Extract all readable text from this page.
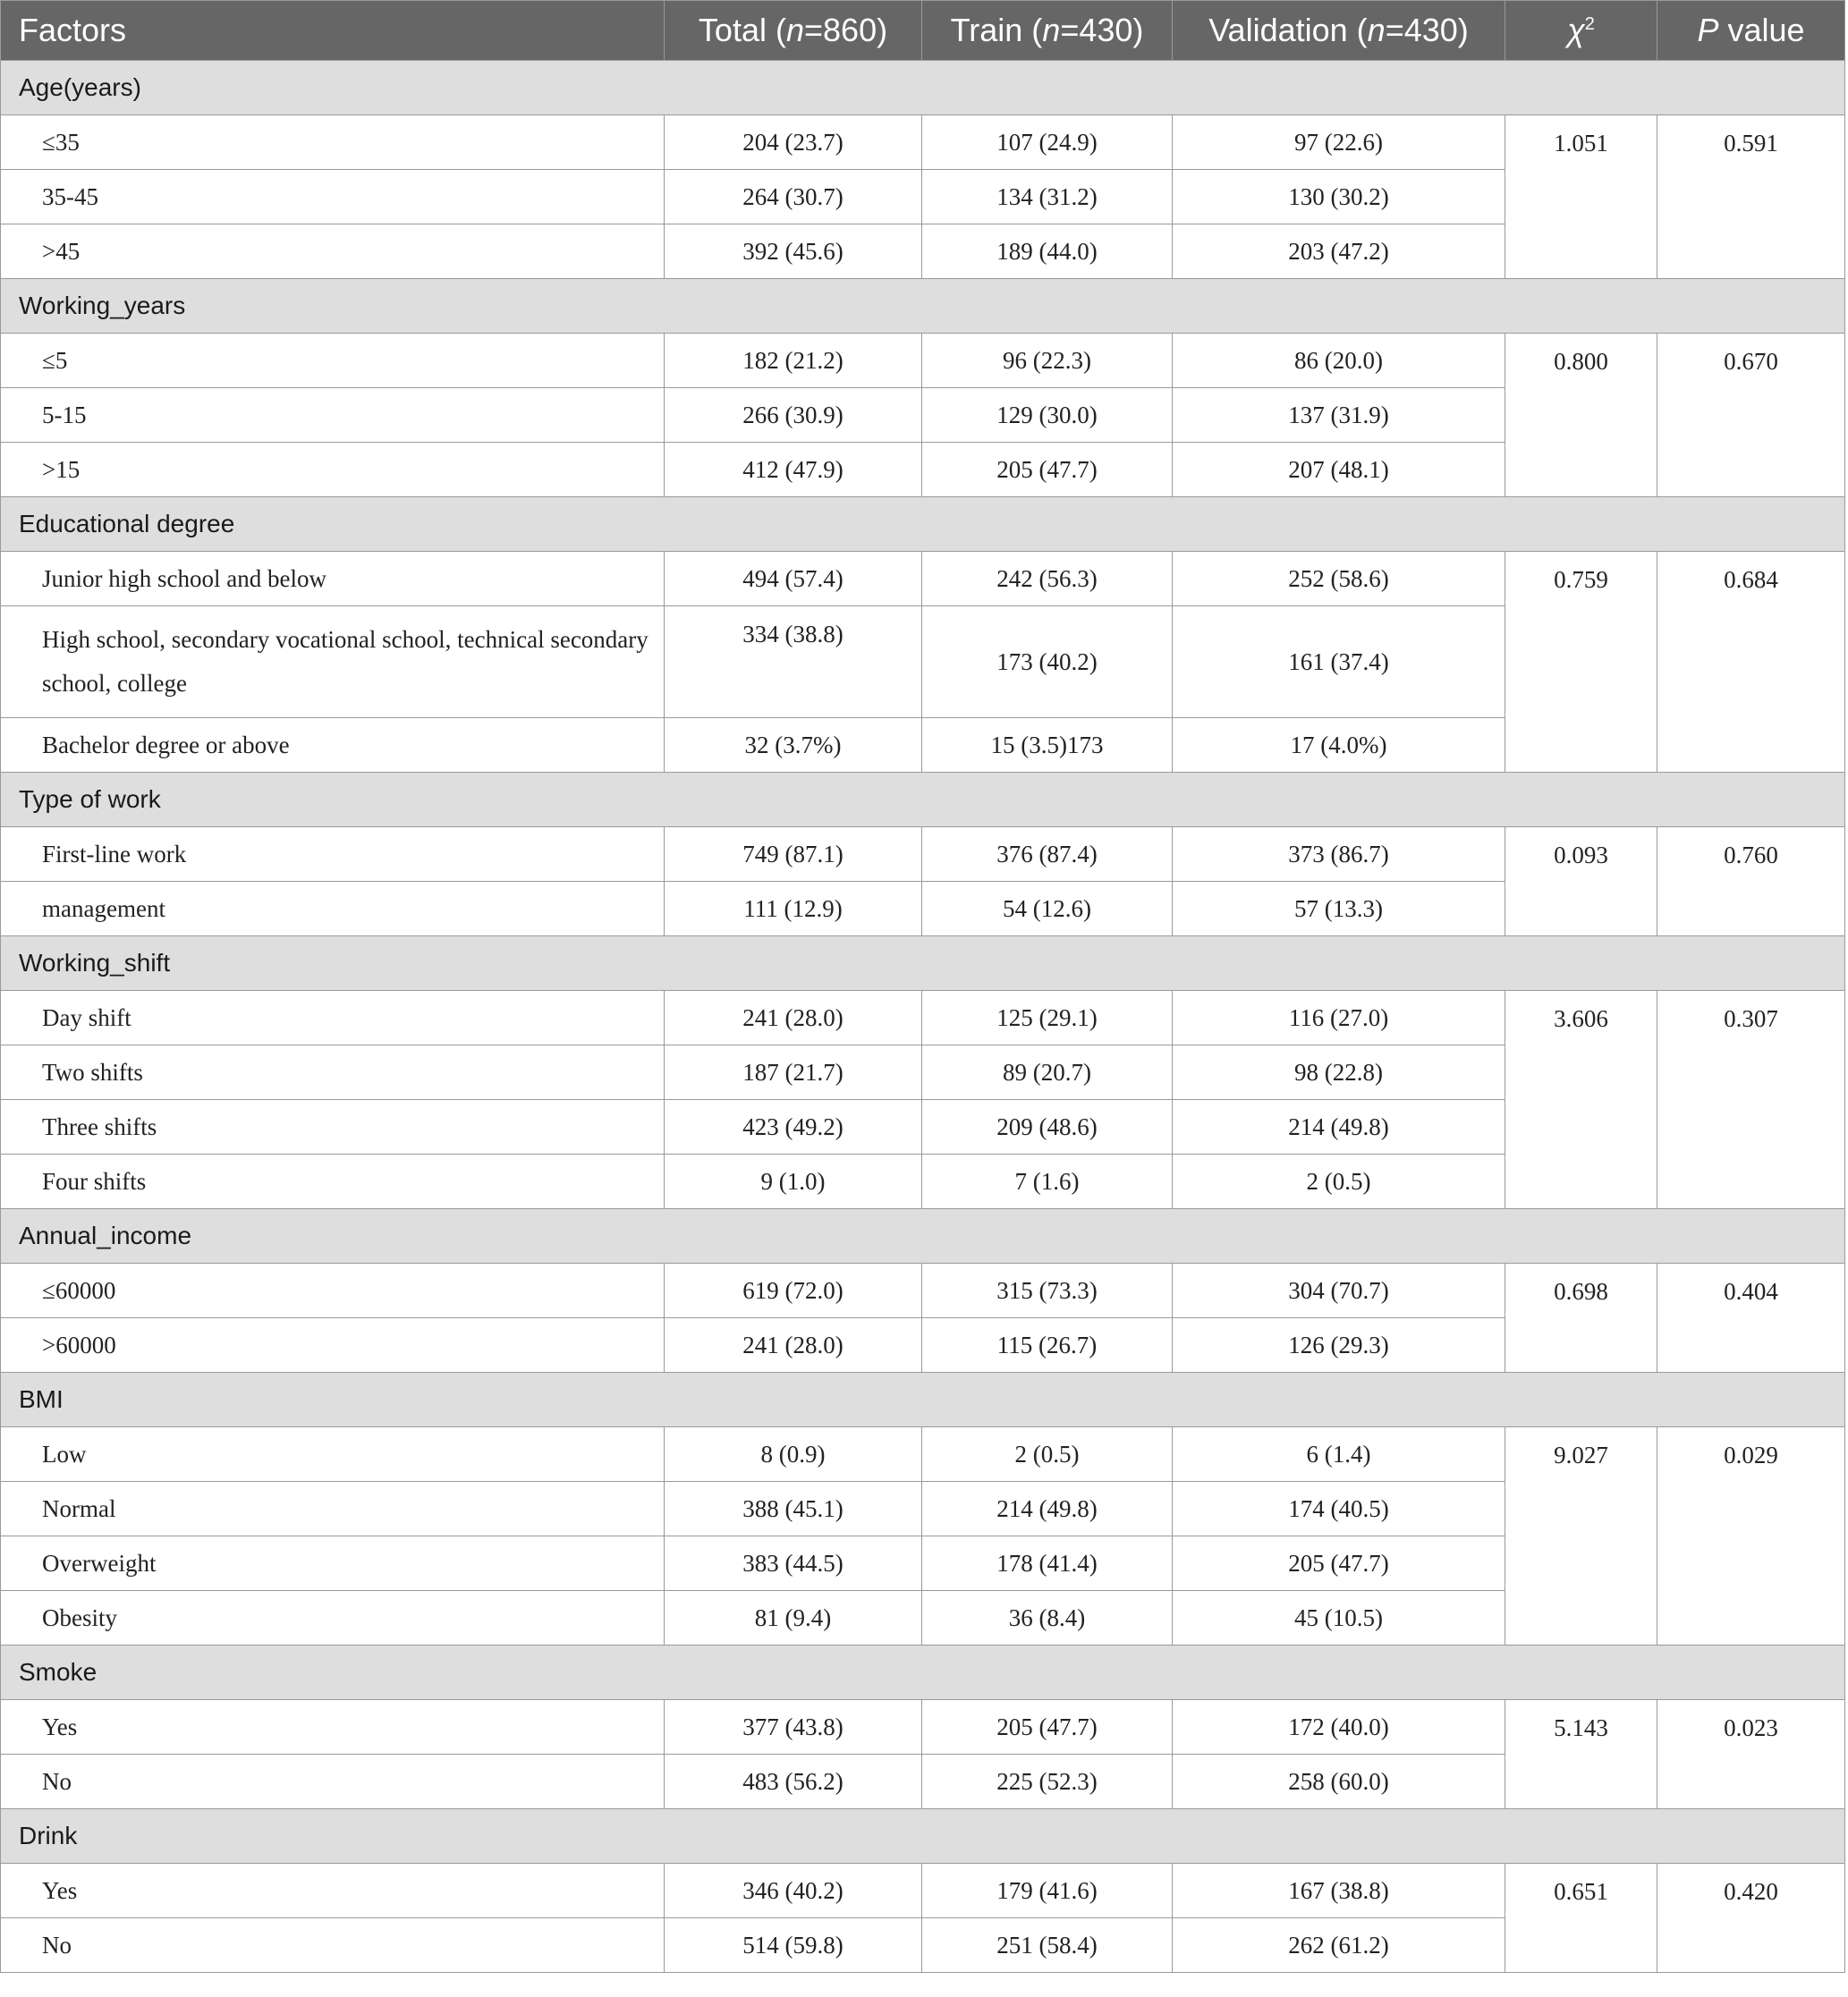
Factors	Total (n=860)	Train (n=430)	Validation (n=430)	$\chi^2$	P value
Age(years)					
≤35	204 (23.7)	107 (24.9)	97 (22.6)	1.051	0.591
35-45	264 (30.7)	134 (31.2)	130 (30.2)		
>45	392 (45.6)	189 (44.0)	203 (47.2)		
Working_years					
≤5	182 (21.2)	96 (22.3)	86 (20.0)	0.800	0.670
5-15	266 (30.9)	129 (30.0)	137 (31.9)		
>15	412 (47.9)	205 (47.7)	207 (48.1)		
Educational degree					
Junior high school and below	494 (57.4)	242 (56.3)	252 (58.6)	0.759	0.684
High school, secondary vocational school, technical secondary school, college	334 (38.8)	173 (40.2)	161 (37.4)		
Bachelor degree or above	32 (3.7%)	15 (3.5)173	17 (4.0%)		
Type of work					
First-line work	749 (87.1)	376 (87.4)	373 (86.7)	0.093	0.760
management	111 (12.9)	54 (12.6)	57 (13.3)		
Working_shift					
Day shift	241 (28.0)	125 (29.1)	116 (27.0)	3.606	0.307
Two shifts	187 (21.7)	89 (20.7)	98 (22.8)		
Three shifts	423 (49.2)	209 (48.6)	214 (49.8)		
Four shifts	9 (1.0)	7 (1.6)	2 (0.5)		
Annual_income					
≤60000	619 (72.0)	315 (73.3)	304 (70.7)	0.698	0.404
>60000	241 (28.0)	115 (26.7)	126 (29.3)		
BMI					
Low	8 (0.9)	2 (0.5)	6 (1.4)	9.027	0.029
Normal	388 (45.1)	214 (49.8)	174 (40.5)		
Overweight	383 (44.5)	178 (41.4)	205 (47.7)		
Obesity	81 (9.4)	36 (8.4)	45 (10.5)		
Smoke					
Yes	377 (43.8)	205 (47.7)	172 (40.0)	5.143	0.023
No	483 (56.2)	225 (52.3)	258 (60.0)		
Drink					
Yes	346 (40.2)	179 (41.6)	167 (38.8)	0.651	0.420
No	514 (59.8)	251 (58.4)	262 (61.2)		
